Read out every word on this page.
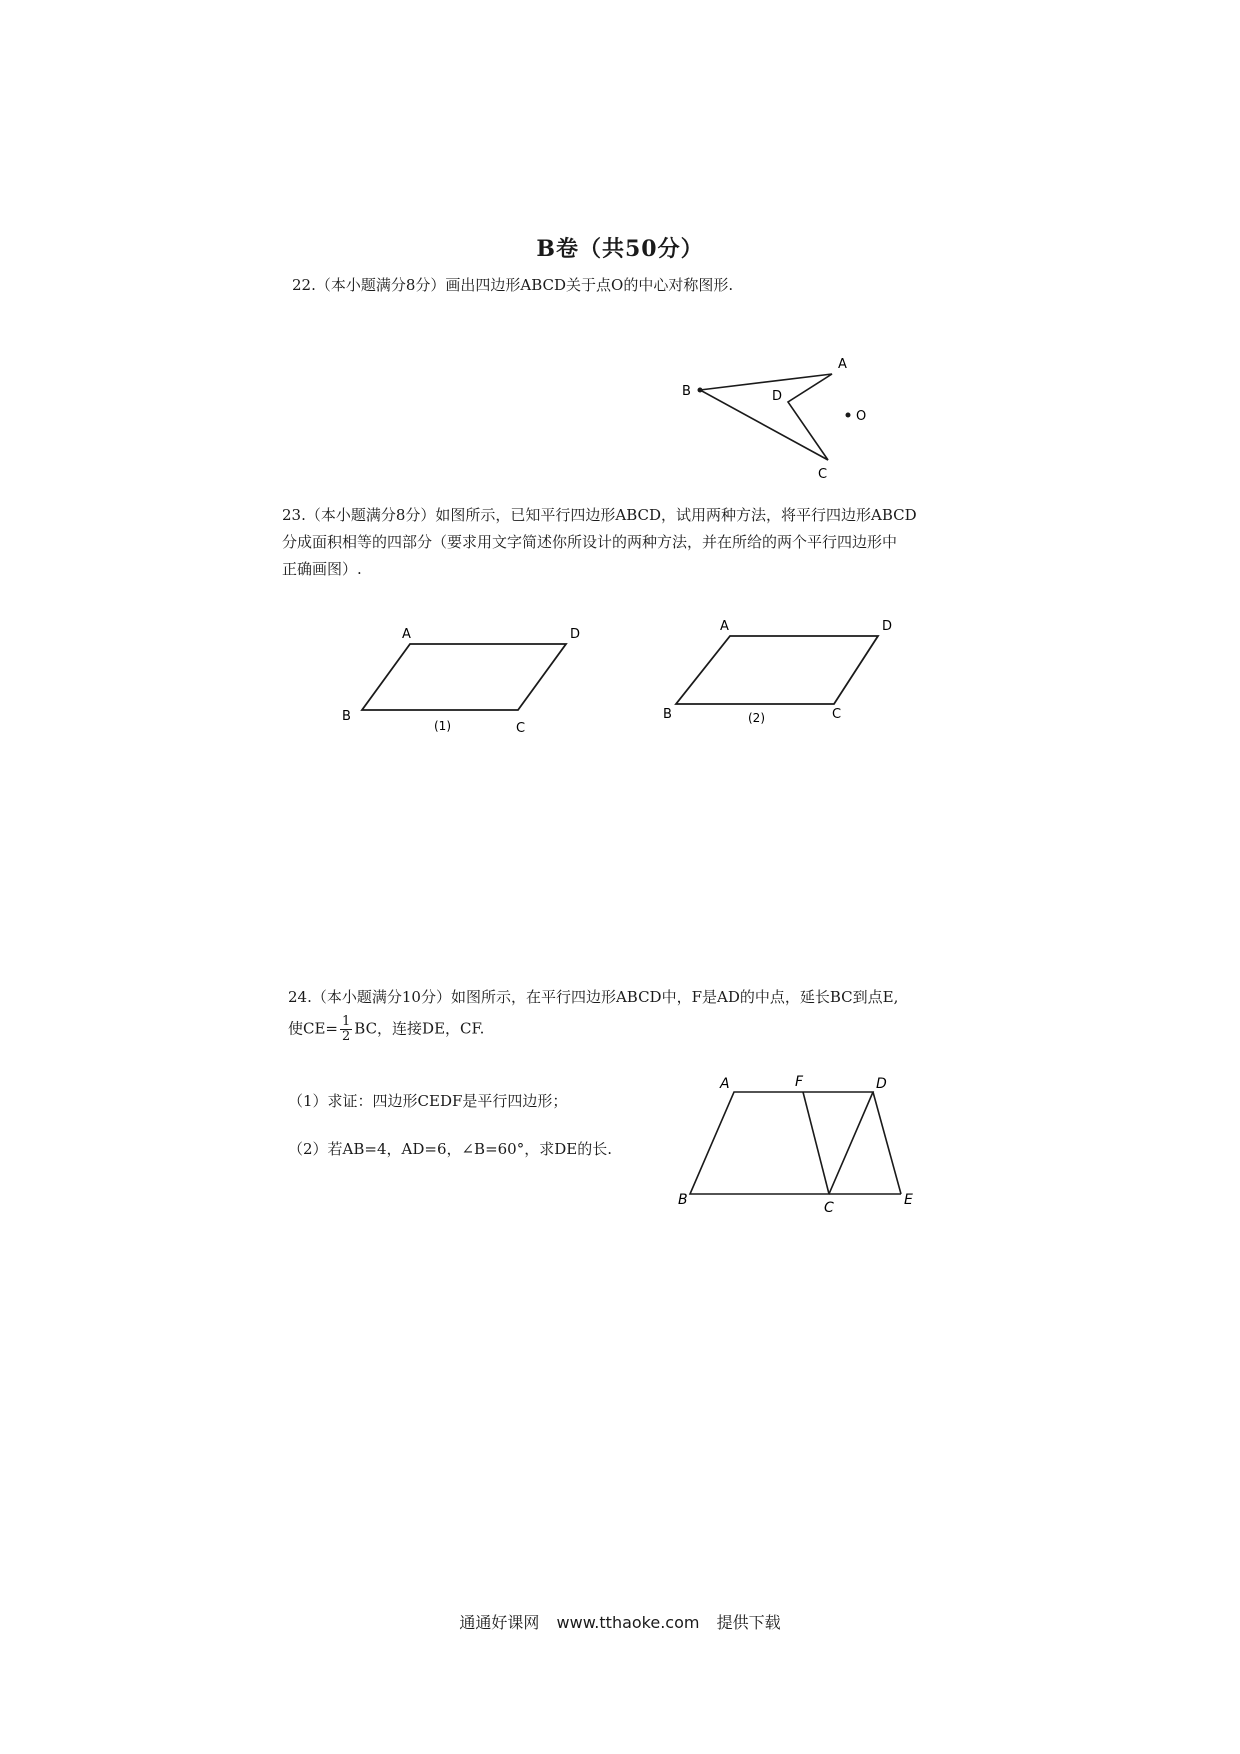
B卷（共50分）
22.（本小题满分8分）画出四边形ABCD关于点O的中心对称图形.
A
B	D
C
O
23.（本小题满分8分）如图所示，已知平行四边形ABCD，试用两种方法，将平行四边形ABCD
分成面积相等的四部分（要求用文字简述你所设计的两种方法，并在所给的两个平行四边形中
正确画图）.
A	D
B
C
(1)
A	D
B	C
(2)
24.（本小题满分10分）如图所示，在平行四边形ABCD中，F是AD的中点，延长BC到点E,
使$CE= \frac{1}{2}$ BC，连接DE，CF.
（1）求证：四边形CEDF是平行四边形；
（2）若AB=4，AD=6，∠B=60°，求DE的长.
A	F	D
B	C	E
通通好课网 www.tthaoke.com 提供下载
